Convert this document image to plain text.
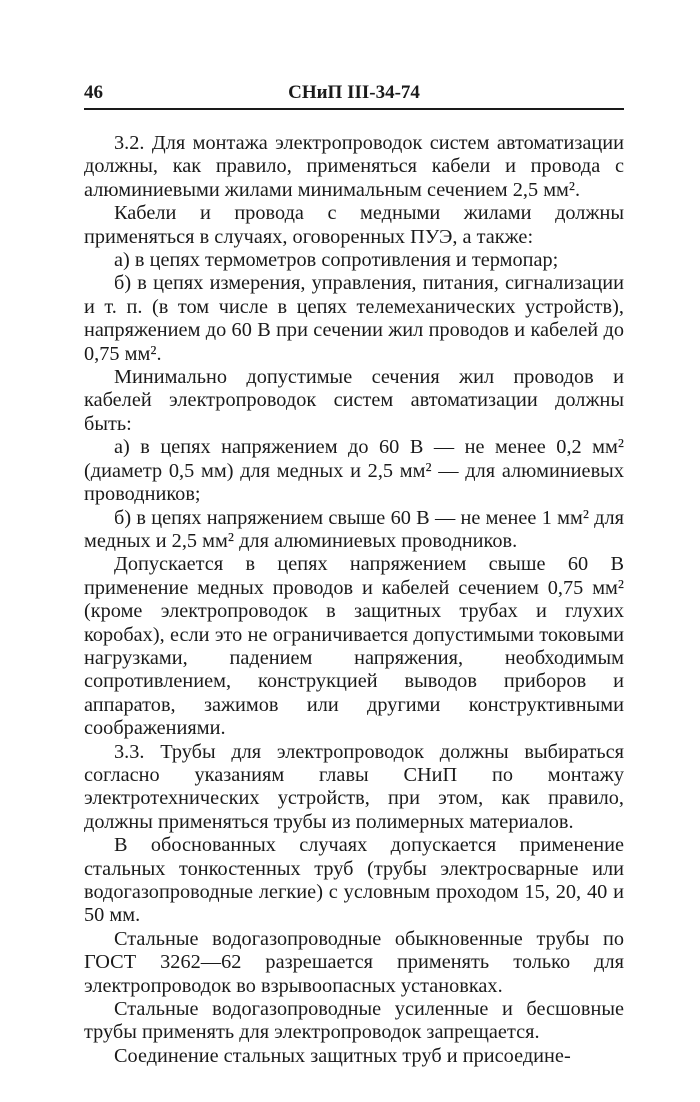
46	СНиП III-34-74

3.2. Для монтажа электропроводок систем автоматизации должны, как правило, применяться кабели и провода с алюминиевыми жилами минимальным сечением 2,5 мм².

Кабели и провода с медными жилами должны применяться в случаях, оговоренных ПУЭ, а также:

а) в цепях термометров сопротивления и термопар;

б) в цепях измерения, управления, питания, сигнализации и т. п. (в том числе в цепях телемеханических устройств), напряжением до 60 В при сечении жил проводов и кабелей до 0,75 мм².

Минимально допустимые сечения жил проводов и кабелей электропроводок систем автоматизации должны быть:

а) в цепях напряжением до 60 В — не менее 0,2 мм² (диаметр 0,5 мм) для медных и 2,5 мм² — для алюминиевых проводников;

б) в цепях напряжением свыше 60 В — не менее 1 мм² для медных и 2,5 мм² для алюминиевых проводников.

Допускается в цепях напряжением свыше 60 В применение медных проводов и кабелей сечением 0,75 мм² (кроме электропроводок в защитных трубах и глухих коробах), если это не ограничивается допустимыми токовыми нагрузками, падением напряжения, необходимым сопротивлением, конструкцией выводов приборов и аппаратов, зажимов или другими конструктивными соображениями.

3.3. Трубы для электропроводок должны выбираться согласно указаниям главы СНиП по монтажу электротехнических устройств, при этом, как правило, должны применяться трубы из полимерных материалов.

В обоснованных случаях допускается применение стальных тонкостенных труб (трубы электросварные или водогазопроводные легкие) с условным проходом 15, 20, 40 и 50 мм.

Стальные водогазопроводные обыкновенные трубы по ГОСТ 3262—62 разрешается применять только для электропроводок во взрывоопасных установках.

Стальные водогазопроводные усиленные и бесшовные трубы применять для электропроводок запрещается.

Соединение стальных защитных труб и присоедине-
